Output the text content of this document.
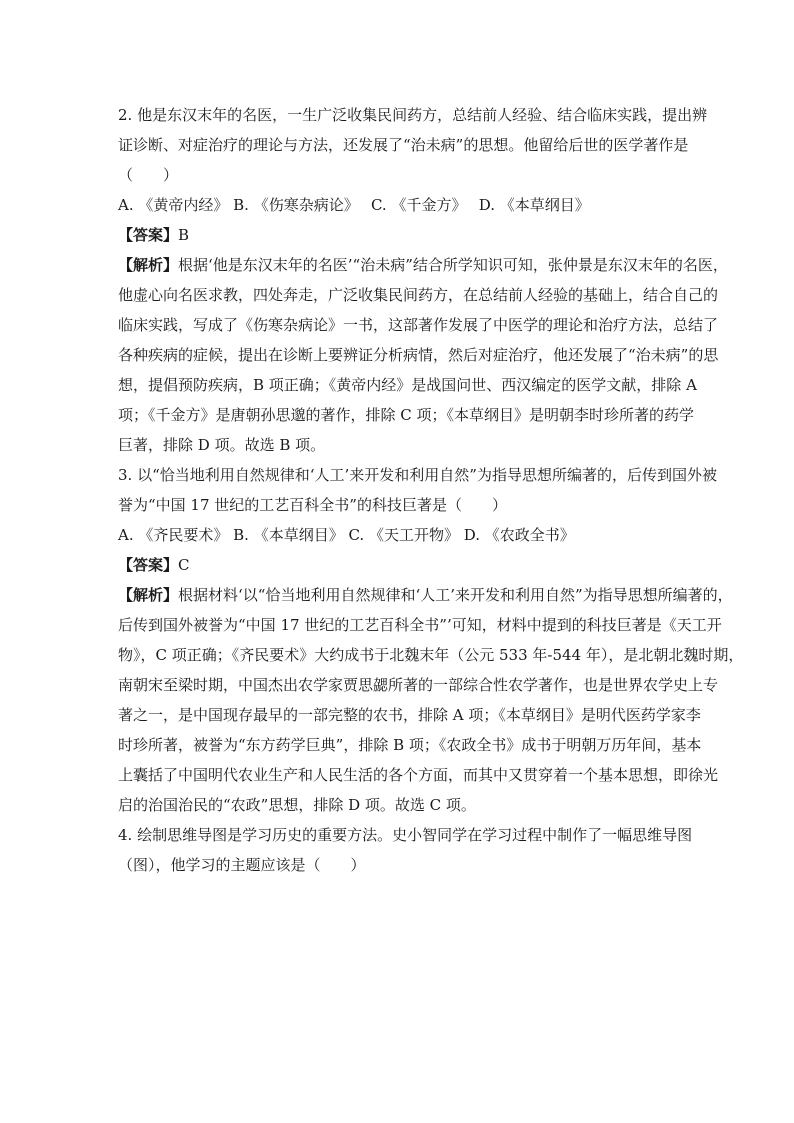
2. 他是东汉末年的名医，一生广泛收集民间药方，总结前人经验、结合临床实践，提出辨
证诊断、对症治疗的理论与方法，还发展了“治未病”的思想。他留给后世的医学著作是
（　　）
A. 《黄帝内经》 B. 《伤寒杂病论》　 C. 《千金方》　 D. 《本草纲目》
【答案】B
【解析】根据‘他是东汉末年的名医’“治未病”结合所学知识可知，张仲景是东汉末年的名医，
他虚心向名医求教，四处奔走，广泛收集民间药方，在总结前人经验的基础上，结合自己的
临床实践，写成了《伤寒杂病论》一书，这部著作发展了中医学的理论和治疗方法，总结了
各种疾病的症候，提出在诊断上要辨证分析病情，然后对症治疗，他还发展了“治未病”的思
想，提倡预防疾病，B 项正确；《黄帝内经》是战国问世、西汉编定的医学文献，排除 A
项；《千金方》是唐朝孙思邈的著作，排除 C 项；《本草纲目》是明朝李时珍所著的药学
巨著，排除 D 项。故选 B 项。
3. 以“恰当地利用自然规律和‘人工’来开发和利用自然”为指导思想所编著的，后传到国外被
誉为“中国 17 世纪的工艺百科全书”的科技巨著是（　　）
A. 《齐民要术》 B. 《本草纲目》 C. 《天工开物》 D. 《农政全书》
【答案】C
【解析】根据材料‘以“恰当地利用自然规律和‘人工’来开发和利用自然”为指导思想所编著的，
后传到国外被誉为“中国 17 世纪的工艺百科全书”’可知，材料中提到的科技巨著是《天工开
物》，C 项正确；《齐民要术》大约成书于北魏末年（公元 533 年-544 年），是北朝北魏时期，
南朝宋至梁时期，中国杰出农学家贾思勰所著的一部综合性农学著作，也是世界农学史上专
著之一，是中国现存最早的一部完整的农书，排除 A 项；《本草纲目》是明代医药学家李
时珍所著，被誉为“东方药学巨典”，排除 B 项；《农政全书》成书于明朝万历年间，基本
上囊括了中国明代农业生产和人民生活的各个方面，而其中又贯穿着一个基本思想，即徐光
启的治国治民的“农政”思想，排除 D 项。故选 C 项。
4. 绘制思维导图是学习历史的重要方法。史小智同学在学习过程中制作了一幅思维导图
（图），他学习的主题应该是（　　）
